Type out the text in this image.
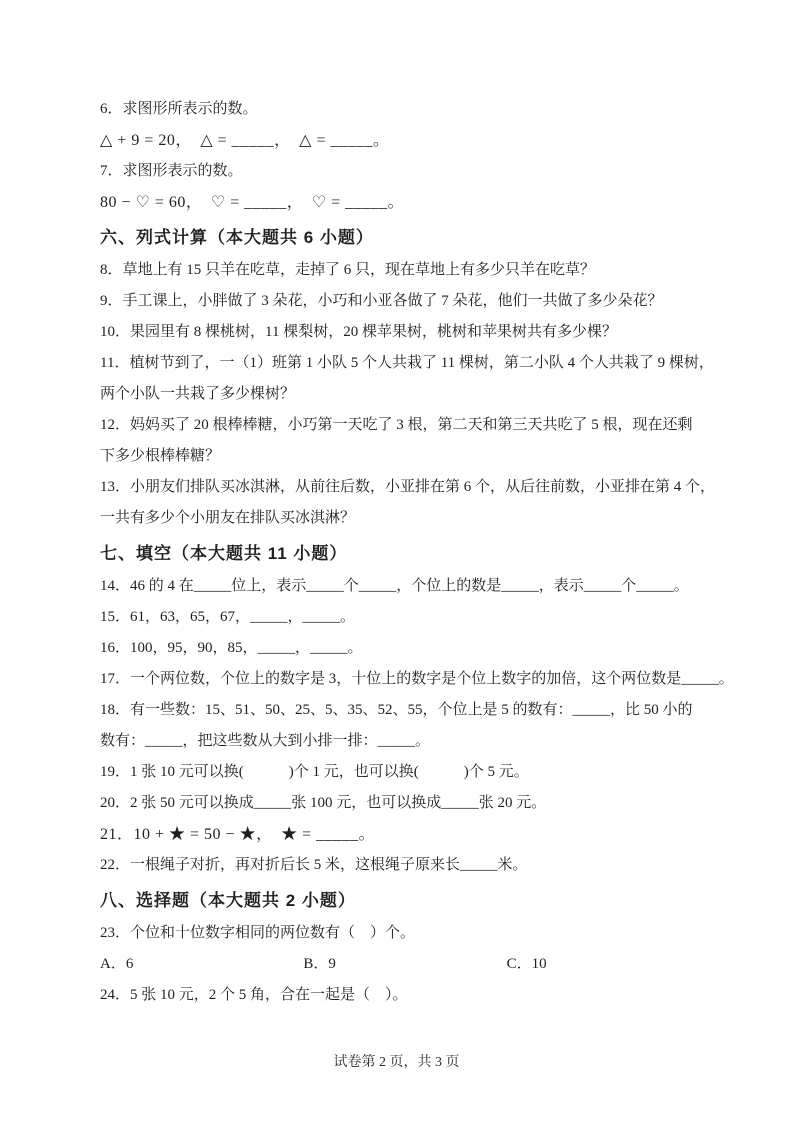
6．求图形所表示的数。

△ + 9 = 20，　△ = _____，　△ = _____。

7．求图形表示的数。

80 − ♡ = 60，　♡ = _____，　♡ = _____。

六、列式计算（本大题共 6 小题）

8．草地上有 15 只羊在吃草，走掉了 6 只，现在草地上有多少只羊在吃草？

9．手工课上，小胖做了 3 朵花，小巧和小亚各做了 7 朵花，他们一共做了多少朵花？

10．果园里有 8 棵桃树，11 棵梨树，20 棵苹果树，桃树和苹果树共有多少棵？

11．植树节到了，一（1）班第 1 小队 5 个人共栽了 11 棵树，第二小队 4 个人共栽了 9 棵树，

两个小队一共栽了多少棵树？

12．妈妈买了 20 根棒棒糖，小巧第一天吃了 3 根，第二天和第三天共吃了 5 根，现在还剩

下多少根棒棒糖？

13．小朋友们排队买冰淇淋，从前往后数，小亚排在第 6 个，从后往前数，小亚排在第 4 个，

一共有多少个小朋友在排队买冰淇淋？

七、填空（本大题共 11 小题）

14．46 的 4 在_____位上，表示_____个_____，个位上的数是_____，表示_____个_____。

15．61，63，65，67，_____，_____。

16．100，95，90，85，_____，_____。

17．一个两位数，个位上的数字是 3，十位上的数字是个位上数字的加倍，这个两位数是_____。

18．有一些数：15、51、50、25、5、35、52、55，个位上是 5 的数有：_____，比 50 小的

数有：_____，把这些数从大到小排一排：_____。

19．1 张 10 元可以换(　　　)个 1 元，也可以换(　　　)个 5 元。

20．2 张 50 元可以换成_____张 100 元，也可以换成_____张 20 元。

21．10 + ★ = 50 − ★，　★ = _____。

22．一根绳子对折，再对折后长 5 米，这根绳子原来长_____米。

八、选择题（本大题共 2 小题）

23．个位和十位数字相同的两位数有（　）个。

A．6	B．9	C．10

24．5 张 10 元，2 个 5 角，合在一起是（　）。

试卷第 2 页，共 3 页
